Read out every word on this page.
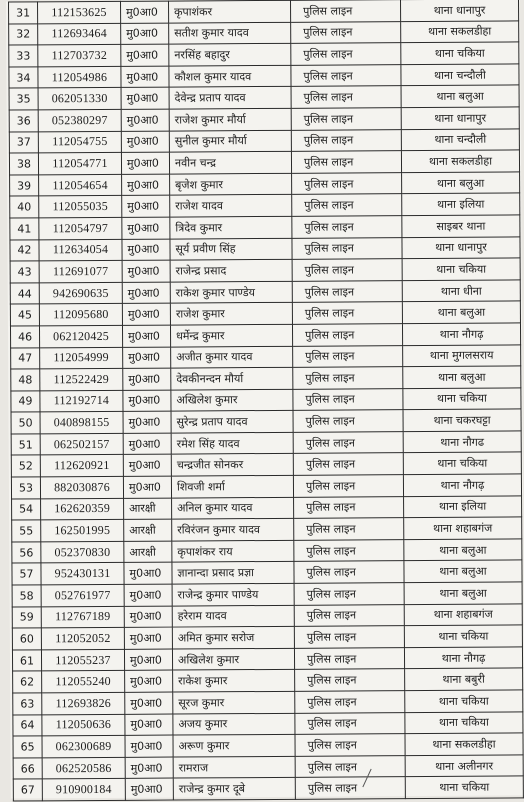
31	112153625	मु0आ0	कृपाशंकर	पुलिस लाइन	थाना धानापुर
32	112693464	मु0आ0	सतीश कुमार यादव	पुलिस लाइन	थाना सकलडीहा
33	112703732	मु0आ0	नरसिंह बहादुर	पुलिस लाइन	थाना चकिया
34	112054986	मु0आ0	कौशल कुमार यादव	पुलिस लाइन	थाना चन्दौली
35	062051330	मु0आ0	देवेन्द्र प्रताप यादव	पुलिस लाइन	थाना बलुआ
36	052380297	मु0आ0	राजेश कुमार मौर्या	पुलिस लाइन	थाना धानापुर
37	112054755	मु0आ0	सुनील कुमार मौर्या	पुलिस लाइन	थाना चन्दौली
38	112054771	मु0आ0	नवीन चन्द्र	पुलिस लाइन	थाना सकलडीहा
39	112054654	मु0आ0	बृजेश कुमार	पुलिस लाइन	थाना बलुआ
40	112055035	मु0आ0	राजेश यादव	पुलिस लाइन	थाना इलिया
41	112054797	मु0आ0	त्रिदेव कुमार	पुलिस लाइन	साइबर थाना
42	112634054	मु0आ0	सूर्य प्रवीण सिंह	पुलिस लाइन	थाना धानापुर
43	112691077	मु0आ0	राजेन्द्र प्रसाद	पुलिस लाइन	थाना चकिया
44	942690635	मु0आ0	राकेश कुमार पाण्डेय	पुलिस लाइन	थाना धीना
45	112095680	मु0आ0	राजेश कुमार	पुलिस लाइन	थाना बलुआ
46	062120425	मु0आ0	धर्मेन्द्र कुमार	पुलिस लाइन	थाना नौगढ़
47	112054999	मु0आ0	अजीत कुमार यादव	पुलिस लाइन	थाना मुगलसराय
48	112522429	मु0आ0	देवकीनन्दन मौर्या	पुलिस लाइन	थाना बलुआ
49	112192714	मु0आ0	अखिलेश कुमार	पुलिस लाइन	थाना चकिया
50	040898155	मु0आ0	सुरेन्द्र प्रताप यादव	पुलिस लाइन	थाना चकरघट्टा
51	062502157	मु0आ0	रमेश सिंह यादव	पुलिस लाइन	थाना नौगढ
52	112620921	मु0आ0	चन्द्रजीत सोनकर	पुलिस लाइन	थाना चकिया
53	882030876	मु0आ0	शिवजी शर्मा	पुलिस लाइन	थाना नौगढ़
54	162620359	आरक्षी	अनिल कुमार यादव	पुलिस लाइन	थाना इलिया
55	162501995	आरक्षी	रविरंजन कुमार यादव	पुलिस लाइन	थाना शहाबगंज
56	052370830	आरक्षी	कृपाशंकर राय	पुलिस लाइन	थाना बलुआ
57	952430131	मु0आ0	ज्ञानान्दा प्रसाद प्रज्ञा	पुलिस लाइन	थाना बलुआ
58	052761977	मु0आ0	राजेन्द्र कुमार पाण्डेय	पुलिस लाइन	थाना बलुआ
59	112767189	मु0आ0	हरेराम यादव	पुलिस लाइन	थाना शहाबगंज
60	112052052	मु0आ0	अमित कुमार सरोज	पुलिस लाइन	थाना चकिया
61	112055237	मु0आ0	अखिलेश कुमार	पुलिस लाइन	थाना नौगढ़
62	112055240	मु0आ0	राकेश कुमार	पुलिस लाइन	थाना बबुरी
63	112693826	मु0आ0	सूरज कुमार	पुलिस लाइन	थाना चकिया
64	112050636	मु0आ0	अजय कुमार	पुलिस लाइन	थाना चकिया
65	062300689	मु0आ0	अरूण कुमार	पुलिस लाइन	थाना सकलडीहा
66	062520586	मु0आ0	रामराज	पुलिस लाइन	थाना अलीनगर
67	910900184	मु0आ0	राजेन्द्र कुमार दूबे	पुलिस लाइन	थाना चकिया
